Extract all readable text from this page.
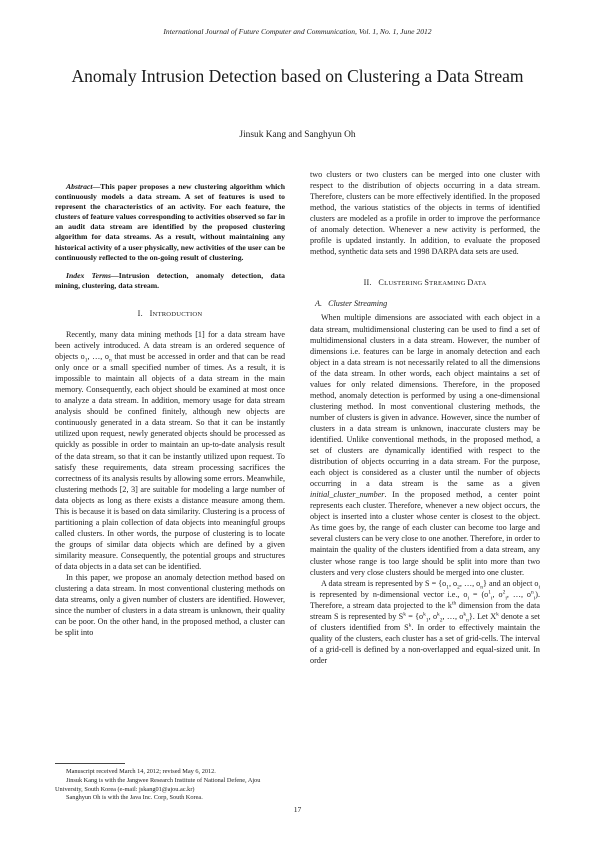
International Journal of Future Computer and Communication, Vol. 1, No. 1, June 2012
Anomaly Intrusion Detection based on Clustering a Data Stream
Jinsuk Kang and Sanghyun Oh

Abstract—This paper proposes a new clustering algorithm which continuously models a data stream. A set of features is used to represent the characteristics of an activity. For each feature, the clusters of feature values corresponding to activities observed so far in an audit data stream are identified by the proposed clustering algorithm for data streams. As a result, without maintaining any historical activity of a user physically, new activities of the user can be continuously reflected to the on-going result of clustering.

Index Terms—Intrusion detection, anomaly detection, data mining, clustering, data stream.

I. INTRODUCTION

Recently, many data mining methods [1] for a data stream have been actively introduced. A data stream is an ordered sequence of objects $o_1$, …, $o_n$ that must be accessed in order and that can be read only once or a small specified number of times. As a result, it is impossible to maintain all objects of a data stream in the main memory. Consequently, each object should be examined at most once to analyze a data stream. In addition, memory usage for data stream analysis should be confined finitely, although new objects are continuously generated in a data stream. So that it can be instantly utilized upon request, newly generated objects should be processed as quickly as possible in order to maintain an up-to-date analysis result of the data stream, so that it can be instantly utilized upon request. To satisfy these requirements, data stream processing sacrifices the correctness of its analysis results by allowing some errors. Meanwhile, clustering methods [2, 3] are suitable for modeling a large number of data objects as long as there exists a distance measure among them. This is because it is based on data similarity. Clustering is a process of partitioning a plain collection of data objects into meaningful groups called clusters. In other words, the purpose of clustering is to locate the groups of similar data objects which are defined by a given similarity measure. Consequently, the potential groups and structures of data objects in a data set can be identified.

In this paper, we propose an anomaly detection method based on clustering a data stream. In most conventional clustering methods on data streams, only a given number of clusters are identified. However, since the number of clusters in a data stream is unknown, their quality can be poor. On the other hand, in the proposed method, a cluster can be split into

two clusters or two clusters can be merged into one cluster with respect to the distribution of objects occurring in a data stream. Therefore, clusters can be more effectively identified. In the proposed method, the various statistics of the objects in terms of identified clusters are modeled as a profile in order to improve the performance of anomaly detection. Whenever a new activity is performed, the profile is updated instantly. In addition, to evaluate the proposed method, synthetic data sets and 1998 DARPA data sets are used.

II. CLUSTERING STREAMING DATA

A. Cluster Streaming

When multiple dimensions are associated with each object in a data stream, multidimensional clustering can be used to find a set of multidimensional clusters in a data stream. However, the number of dimensions i.e. features can be large in anomaly detection and each object in a data stream is not necessarily related to all the dimensions of the data stream. In other words, each object maintains a set of values for only related dimensions. Therefore, in the proposed method, anomaly detection is performed by using a one-dimensional clustering method. In most conventional clustering methods, the number of clusters is given in advance. However, since the number of clusters in a data stream is unknown, inaccurate clusters may be identified. Unlike conventional methods, in the proposed method, a set of clusters are dynamically identified with respect to the distribution of objects occurring in a data stream. For the purpose, each object is considered as a cluster until the number of objects occurring in a data stream is the same as a given initial_cluster_number. In the proposed method, a center point represents each cluster. Therefore, whenever a new object occurs, the object is inserted into a cluster whose center is closest to the object. As time goes by, the range of each cluster can become too large and several clusters can be very close to one another. Therefore, in order to maintain the quality of the clusters identified from a data stream, any cluster whose range is too large should be split into more than two clusters and very close clusters should be merged into one cluster.

A data stream is represented by $S = \{o_1$, $o_2$, …, $o_n$} and an object $o_i$ is represented by n-dimensional vector i.e., $o_i = (o^1_i$, $o^2_i$, …, $o^n_i$). Therefore, a stream data projected to the $k^{th}$ dimension from the data stream S is represented by $S^k = \{o^k_1$, $o^k_2$, …, $o^k_n$}. Let $X^k$ denote a set of clusters identified from $S^k$. In order to effectively maintain the quality of the clusters, each cluster has a set of grid-cells. The interval of a grid-cell is defined by a non-overlapped and equal-sized unit. In order

Manuscript received March 14, 2012; revised May 6, 2012.

Jinsuk Kang is with the Jangwee Research Institute of National Defene, Ajou University, South Korea (e-mail: jskang01@ajou.ac.kr)

Sanghyun Oh is with the Java Inc. Corp, South Korea.

17
